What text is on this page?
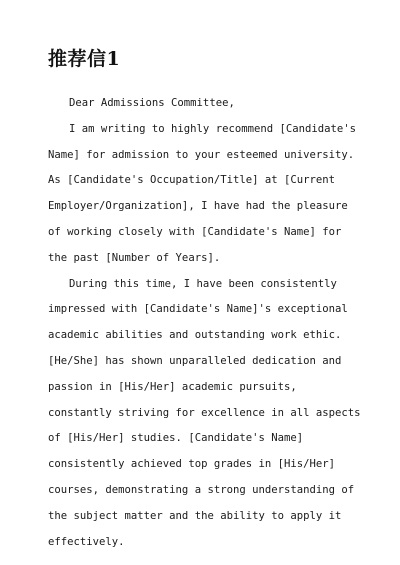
推荐信1

Dear Admissions Committee,

I am writing to highly recommend [Candidate's Name] for admission to your esteemed university. As [Candidate's Occupation/Title] at [Current Employer/Organization], I have had the pleasure of working closely with [Candidate's Name] for the past [Number of Years].

During this time, I have been consistently impressed with [Candidate's Name]'s exceptional academic abilities and outstanding work ethic. [He/She] has shown unparalleled dedication and passion in [His/Her] academic pursuits, constantly striving for excellence in all aspects of [His/Her] studies. [Candidate's Name] consistently achieved top grades in [His/Her] courses, demonstrating a strong understanding of the subject matter and the ability to apply it effectively.
